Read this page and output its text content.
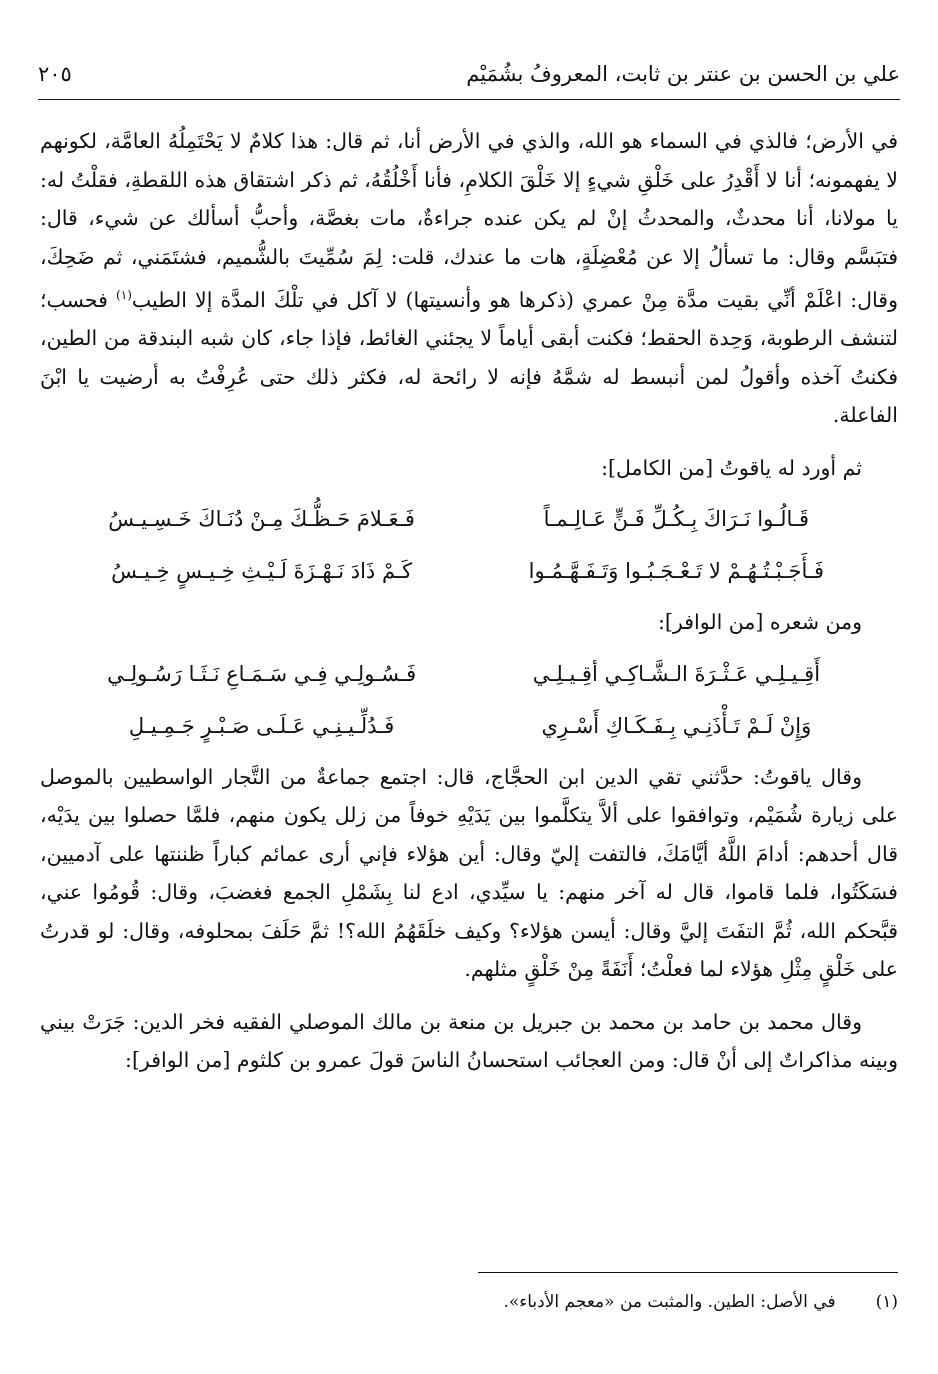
علي بن الحسن بن عنتر بن ثابت، المعروفُ بشُمَيْم
٢٠٥

في الأرض؛ فالذي في السماء هو الله، والذي في الأرض أنا، ثم قال: هذا كلامٌ لا يَحْتَمِلُهُ العامَّة، لكونهم لا يفهمونه؛ أنا لا أَقْدِرُ على خَلْقِ شيءٍ إلا خَلْقَ الكلامِ، فأنا أَخْلُقُهُ، ثم ذكر اشتقاق هذه اللقطةِ، فقلْتُ له: يا مولانا، أنا محدثٌ، والمحدثُ إنْ لم يكن عنده جراءةٌ، مات بغصَّة، وأحبُّ أسألك عن شيء، قال: فتبَسَّم وقال: ما تسألُ إلا عن مُعْضِلَةٍ، هات ما عندك، قلت: لِمَ سُمِّيتَ بالشُّميم، فشتَمَني، ثم ضَحِكَ، وقال: اعْلَمْ أنِّي بقيت مدَّة مِنْ عمري (ذكرها هو وأنسيتها) لا آكل في تلْكَ المدَّة إلا الطيب$^{(١)}$ فحسب؛ لتنشف الرطوبة، وَحِدة الحقط؛ فكنت أبقى أياماً لا يجئني الغائط، فإذا جاء، كان شبه البندقة من الطين، فكنتُ آخذه وأقولُ لمن أنبسط له شمَّهُ فإنه لا رائحة له، فكثر ذلك حتى عُرِفْتُ به أرضيت يا ابْنَ الفاعلة.

ثم أورد له ياقوتُ [من الكامل]:

قَـالُـوا نَـرَاكَ بِـكُـلِّ فَـنٍّ عَـالِـمـاً
فَـعَـلامَ حَـظُّـكَ مِـنْ دُنَـاكَ خَـسِـيـسُ
فَـأَجَـبْـتُـهُـمْ لا تَـعْـجَـبُـوا وَتَـفَـهَّـمُـوا
كَـمْ ذَادَ نَـهْـزَةَ لَـيْـثِ خِـيـسٍ خِـيـسُ

ومن شعره [من الوافر]:

أَقِـيـلِـي عَـثْـرَةَ الـشَّـاكِـي أقِـيـلِـي
فَـسُـولِـي فِـي سَـمَـاعِ نَـثَـا رَسُـولِـي
وَإِنْ لَـمْ تَـأْذَنِـي بِـفَـكَـاكِ أَسْـرِي
فَـدُلِّـيـنِـي عَـلَـى صَـبْـرٍ جَـمِـيـلِ

وقال ياقوتُ: حدَّثني تقي الدين ابن الحجَّاج، قال: اجتمع جماعةٌ من التَّجار الواسطيين بالموصل على زيارة شُمَيْم، وتوافقوا على ألاَّ يتكلَّموا بين يَدَيْهِ خوفاً من زلل يكون منهم، فلمَّا حصلوا بين يدَيْه، قال أحدهم: أدامَ اللَّهُ أيَّامَكَ، فالتفت إليّ وقال: أين هؤلاء فإني أرى عمائم كباراً ظننتها على آدميين، فسَكَتُوا، فلما قاموا، قال له آخر منهم: يا سيِّدي، ادع لنا بِشَمْلِ الجمع فغضبَ، وقال: قُومُوا عني، قبَّحكم الله، ثُمَّ التفَتَ إليَّ وقال: أيسن هؤلاء؟ وكيف خلَقَهُمُ الله؟! ثمَّ حَلَفَ بمحلوفه، وقال: لو قدرتُ على خَلْقٍ مِثْلِ هؤلاء لما فعلْتُ؛ أَنَفَةً مِنْ خَلْقٍ مثلهم.

وقال محمد بن حامد بن محمد بن جبريل بن منعة بن مالك الموصلي الفقيه فخر الدين: جَرَتْ بيني وبينه مذاكراتٌ إلى أنْ قال: ومن العجائب استحسانُ الناسَ قولَ عمرو بن كلثوم [من الوافر]:

(١)
في الأصل: الطين. والمثبت من «معجم الأدباء».
